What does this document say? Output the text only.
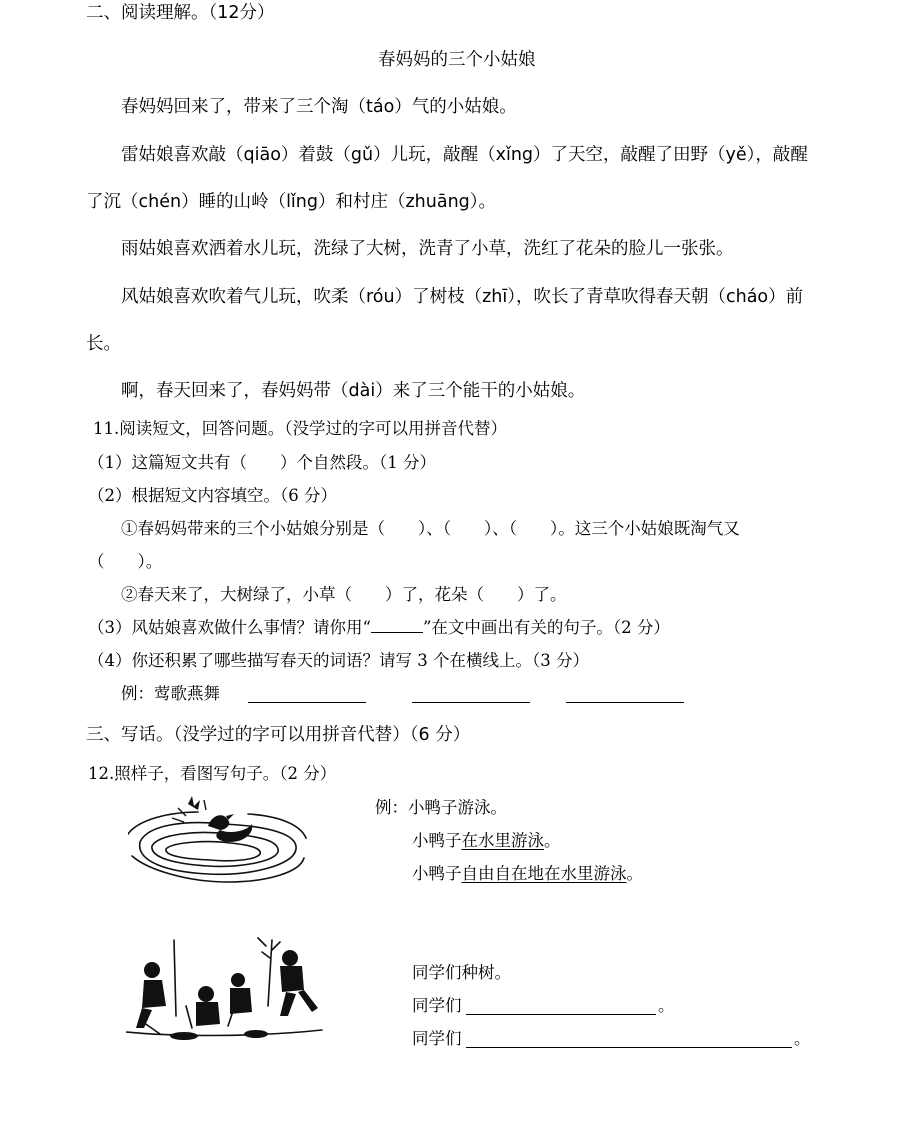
二、阅读理解。（12分）
春妈妈的三个小姑娘
春妈妈回来了，带来了三个淘（táo）气的小姑娘。
雷姑娘喜欢敲（qiāo）着鼓（gǔ）儿玩，敲醒（xǐng）了天空，敲醒了田野（yě），敲醒
了沉（chén）睡的山岭（lǐng）和村庄（zhuāng）。
雨姑娘喜欢洒着水儿玩，洗绿了大树，洗青了小草，洗红了花朵的脸儿一张张。
风姑娘喜欢吹着气儿玩，吹柔（róu）了树枝（zhī），吹长了青草吹得春天朝（cháo）前
长。
啊，春天回来了，春妈妈带（dài）来了三个能干的小姑娘。
11.阅读短文，回答问题。（没学过的字可以用拼音代替）
（1）这篇短文共有（　　）个自然段。（1 分）
（2）根据短文内容填空。（6 分）
①春妈妈带来的三个小姑娘分别是（　　）、（　　）、（　　）。这三个小姑娘既淘气又
（　　）。
②春天来了，大树绿了，小草（　　）了，花朵（　　）了。
（3）风姑娘喜欢做什么事情？请你用“	”在文中画出有关的句子。（2 分）
（4）你还积累了哪些描写春天的词语？请写 3 个在横线上。（3 分）
例：莺歌燕舞
三、写话。（没学过的字可以用拼音代替）（6 分）
12.照样子，看图写句子。（2 分）
例：小鸭子游泳。
小鸭子在水里游泳。
小鸭子自由自在地在水里游泳。
同学们种树。
同学们	。
同学们	。
